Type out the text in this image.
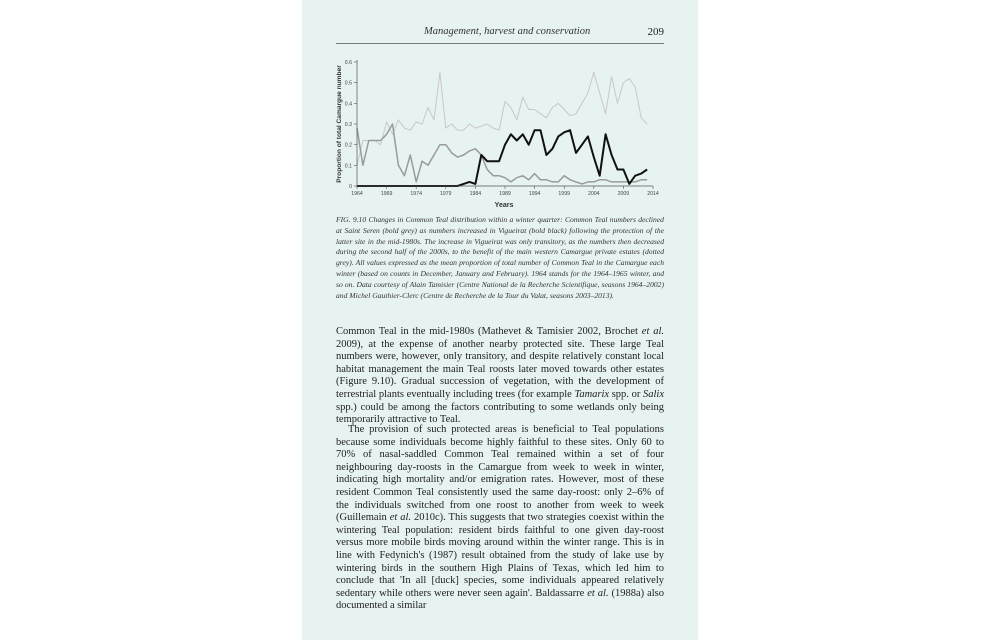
Management, harvest and conservation	209
0
0.1
0.2
0.3
0.4
0.5
0.6
1964	1969	1974	1979	1984	1989	1994	1999	2004	2009	2014
Years
Proportion of total Camargue number
FIG. 9.10 Changes in Common Teal distribution within a winter quarter: Common Teal numbers declined at Saint Seren (bold grey) as numbers increased in Vigueirat (bold black) following the protection of the latter site in the mid-1980s. The increase in Vigueirat was only transitory, as the numbers then decreased during the second half of the 2000s, to the benefit of the main western Camargue private estates (dotted grey). All values expressed as the mean proportion of total number of Common Teal in the Camargue each winter (based on counts in December, January and February). 1964 stands for the 1964–1965 winter, and so on. Data courtesy of Alain Tamisier (Centre National de la Recherche Scientifique, seasons 1964–2002) and Michel Gauthier-Clerc (Centre de Recherche de la Tour du Valat, seasons 2003–2013).
Common Teal in the mid-1980s (Mathevet & Tamisier 2002, Brochet et al. 2009), at the expense of another nearby protected site. These large Teal numbers were, however, only transitory, and despite relatively constant local habitat management the main Teal roosts later moved towards other estates (Figure 9.10). Gradual succession of vegetation, with the development of terrestrial plants eventually including trees (for example Tamarix spp. or Salix spp.) could be among the factors contributing to some wetlands only being temporarily attractive to Teal.
The provision of such protected areas is beneficial to Teal populations because some individuals become highly faithful to these sites. Only 60 to 70% of nasal-saddled Common Teal remained within a set of four neighbouring day-roosts in the Camargue from week to week in winter, indicating high mortality and/or emigration rates. However, most of these resident Common Teal consistently used the same day-roost: only 2–6% of the individuals switched from one roost to another from week to week (Guillemain et al. 2010c). This suggests that two strategies coexist within the wintering Teal population: resident birds faithful to one given day-roost versus more mobile birds moving around within the winter range. This is in line with Fedynich's (1987) result obtained from the study of lake use by wintering birds in the southern High Plains of Texas, which led him to conclude that 'In all [duck] species, some individuals appeared relatively sedentary while others were never seen again'. Baldassarre et al. (1988a) also documented a similar
